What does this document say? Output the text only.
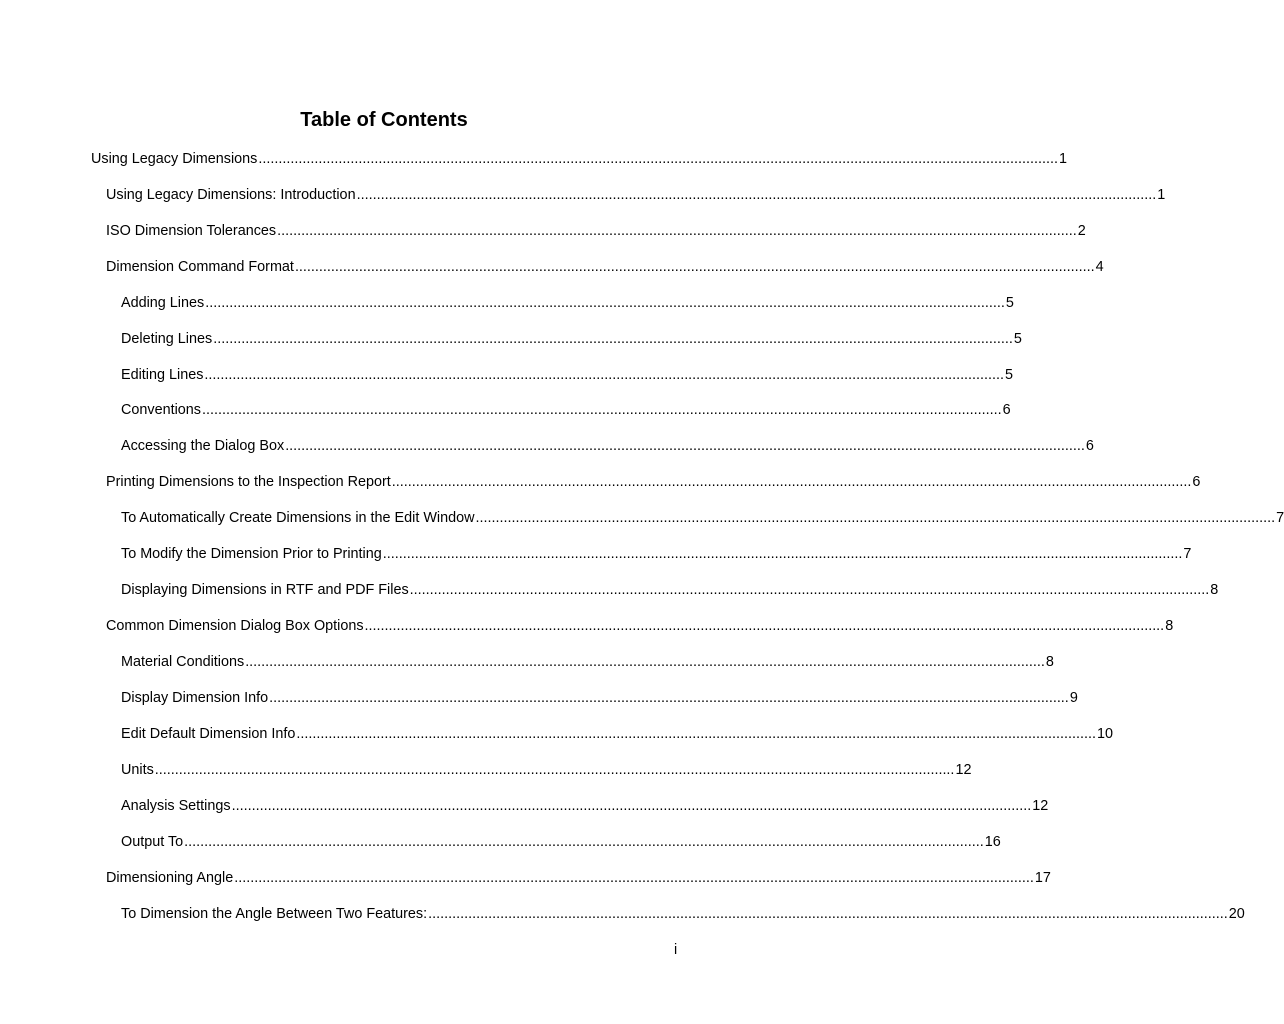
Table of Contents
Using Legacy Dimensions ........................................................................................................................................................................................................ 1
Using Legacy Dimensions: Introduction ........................................................................................................................................................................................................ 1
ISO Dimension Tolerances ........................................................................................................................................................................................................ 2
Dimension Command Format ........................................................................................................................................................................................................ 4
Adding Lines ........................................................................................................................................................................................................ 5
Deleting Lines ........................................................................................................................................................................................................ 5
Editing Lines ........................................................................................................................................................................................................ 5
Conventions ........................................................................................................................................................................................................ 6
Accessing the Dialog Box ........................................................................................................................................................................................................ 6
Printing Dimensions to the Inspection Report ........................................................................................................................................................................................................ 6
To Automatically Create Dimensions in the Edit Window ........................................................................................................................................................................................................ 7
To Modify the Dimension Prior to Printing ........................................................................................................................................................................................................ 7
Displaying Dimensions in RTF and PDF Files ........................................................................................................................................................................................................ 8
Common Dimension Dialog Box Options ........................................................................................................................................................................................................ 8
Material Conditions ........................................................................................................................................................................................................ 8
Display Dimension Info ........................................................................................................................................................................................................ 9
Edit Default Dimension Info ........................................................................................................................................................................................................ 10
Units ........................................................................................................................................................................................................ 12
Analysis Settings ........................................................................................................................................................................................................ 12
Output To ........................................................................................................................................................................................................ 16
Dimensioning Angle ........................................................................................................................................................................................................ 17
To Dimension the Angle Between Two Features: ........................................................................................................................................................................................................ 20
i
